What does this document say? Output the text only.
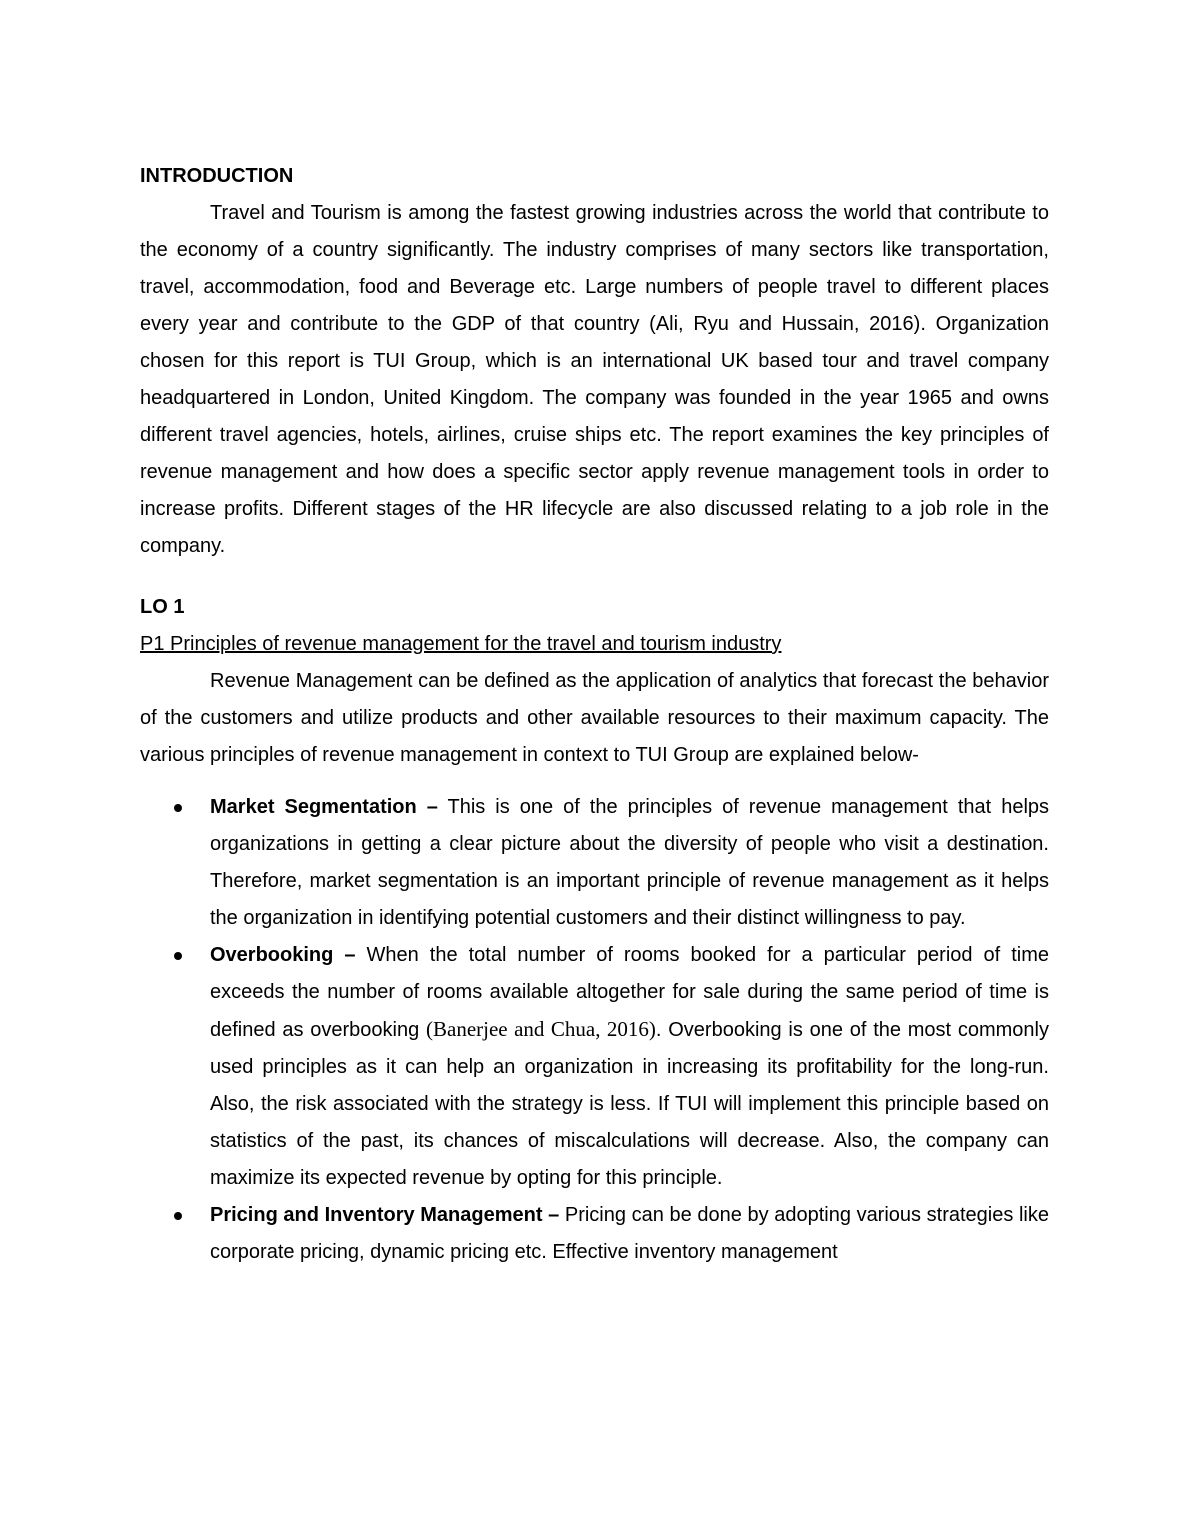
INTRODUCTION

Travel and Tourism is among the fastest growing industries across the world that contribute to the economy of a country significantly. The industry comprises of many sectors like transportation, travel, accommodation, food and Beverage etc. Large numbers of people travel to different places every year and contribute to the GDP of that country (Ali, Ryu and Hussain, 2016). Organization chosen for this report is TUI Group, which is an international UK based tour and travel company headquartered in London, United Kingdom. The company was founded in the year 1965 and owns different travel agencies, hotels, airlines, cruise ships etc. The report examines the key principles of revenue management and how does a specific sector apply revenue management tools in order to increase profits. Different stages of the HR lifecycle are also discussed relating to a job role in the company.

LO 1

P1 Principles of revenue management for the travel and tourism industry

Revenue Management can be defined as the application of analytics that forecast the behavior of the customers and utilize products and other available resources to their maximum capacity. The various principles of revenue management in context to TUI Group are explained below-

Market Segmentation – This is one of the principles of revenue management that helps organizations in getting a clear picture about the diversity of people who visit a destination. Therefore, market segmentation is an important principle of revenue management as it helps the organization in identifying potential customers and their distinct willingness to pay.
Overbooking – When the total number of rooms booked for a particular period of time exceeds the number of rooms available altogether for sale during the same period of time is defined as overbooking (Banerjee and Chua, 2016). Overbooking is one of the most commonly used principles as it can help an organization in increasing its profitability for the long-run. Also, the risk associated with the strategy is less. If TUI will implement this principle based on statistics of the past, its chances of miscalculations will decrease. Also, the company can maximize its expected revenue by opting for this principle.
Pricing and Inventory Management – Pricing can be done by adopting various strategies like corporate pricing, dynamic pricing etc. Effective inventory management
